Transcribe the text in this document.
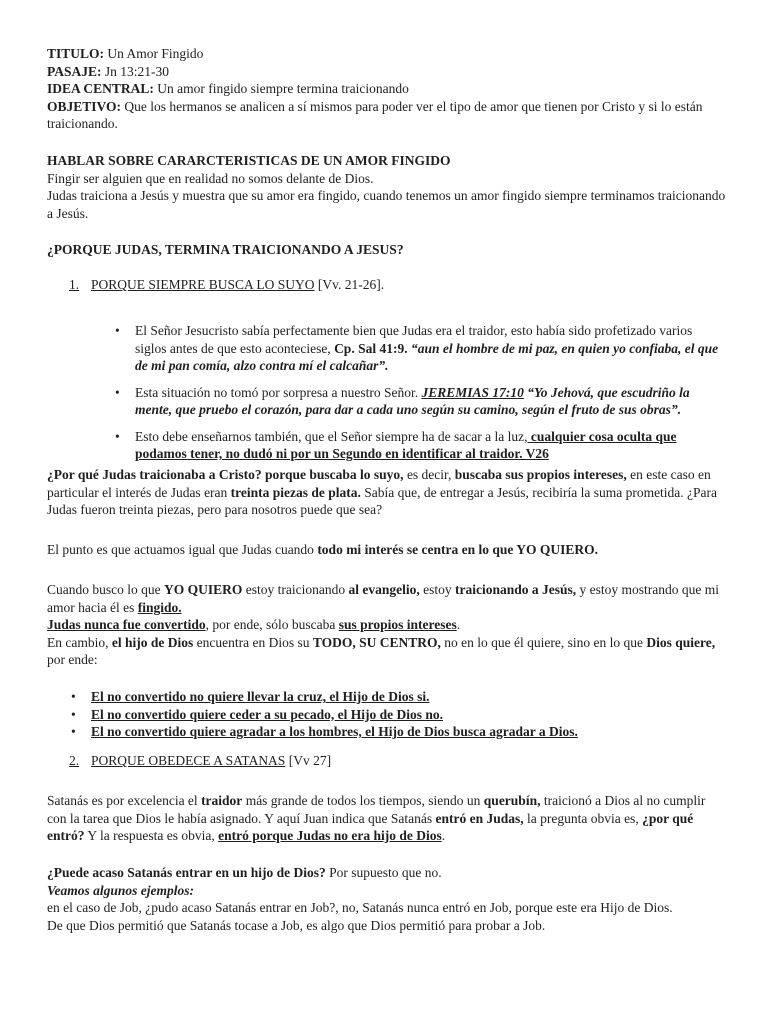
TITULO: Un Amor Fingido
PASAJE: Jn 13:21-30
IDEA CENTRAL: Un amor fingido siempre termina traicionando
OBJETIVO: Que los hermanos se analicen a sí mismos para poder ver el tipo de amor que tienen por Cristo y si lo están traicionando.

HABLAR SOBRE CARARCTERISTICAS DE UN AMOR FINGIDO
Fingir ser alguien que en realidad no somos delante de Dios.
Judas traiciona a Jesús y muestra que su amor era fingido, cuando tenemos un amor fingido siempre terminamos traicionando a Jesús.

¿PORQUE JUDAS, TERMINA TRAICIONANDO A JESUS?

1. PORQUE SIEMPRE BUSCA LO SUYO [Vv. 21-26].
• El Señor Jesucristo sabía perfectamente bien que Judas era el traidor, esto había sido profetizado varios siglos antes de que esto aconteciese, Cp. Sal 41:9. “aun el hombre de mi paz, en quien yo confiaba, el que de mi pan comía, alzo contra mí el calcañar”.
• Esta situación no tomó por sorpresa a nuestro Señor. JEREMIAS 17:10 “Yo Jehová, que escudriño la mente, que pruebo el corazón, para dar a cada uno según su camino, según el fruto de sus obras”.
• Esto debe enseñarnos también, que el Señor siempre ha de sacar a la luz, cualquier cosa oculta que podamos tener, no dudó ni por un Segundo en identificar al traidor. V26

¿Por qué Judas traicionaba a Cristo? porque buscaba lo suyo, es decir, buscaba sus propios intereses, en este caso en particular el interés de Judas eran treinta piezas de plata. Sabía que, de entregar a Jesús, recibiría la suma prometida. ¿Para Judas fueron treinta piezas, pero para nosotros puede que sea?

El punto es que actuamos igual que Judas cuando todo mi interés se centra en lo que YO QUIERO.

Cuando busco lo que YO QUIERO estoy traicionando al evangelio, estoy traicionando a Jesús, y estoy mostrando que mi amor hacia él es fingido.
Judas nunca fue convertido, por ende, sólo buscaba sus propios intereses.
En cambio, el hijo de Dios encuentra en Dios su TODO, SU CENTRO, no en lo que él quiere, sino en lo que Dios quiere, por ende:

• El no convertido no quiere llevar la cruz, el Hijo de Dios si.
• El no convertido quiere ceder a su pecado, el Hijo de Dios no.
• El no convertido quiere agradar a los hombres, el Hijo de Dios busca agradar a Dios.
2. PORQUE OBEDECE A SATANAS [Vv 27]

Satanás es por excelencia el traidor más grande de todos los tiempos, siendo un querubín, traicionó a Dios al no cumplir con la tarea que Dios le había asignado. Y aquí Juan indica que Satanás entró en Judas, la pregunta obvia es, ¿por qué entró? Y la respuesta es obvia, entró porque Judas no era hijo de Dios.

¿Puede acaso Satanás entrar en un hijo de Dios? Por supuesto que no.
Veamos algunos ejemplos:
en el caso de Job, ¿pudo acaso Satanás entrar en Job?, no, Satanás nunca entró en Job, porque este era Hijo de Dios.
De que Dios permitió que Satanás tocase a Job, es algo que Dios permitió para probar a Job.
